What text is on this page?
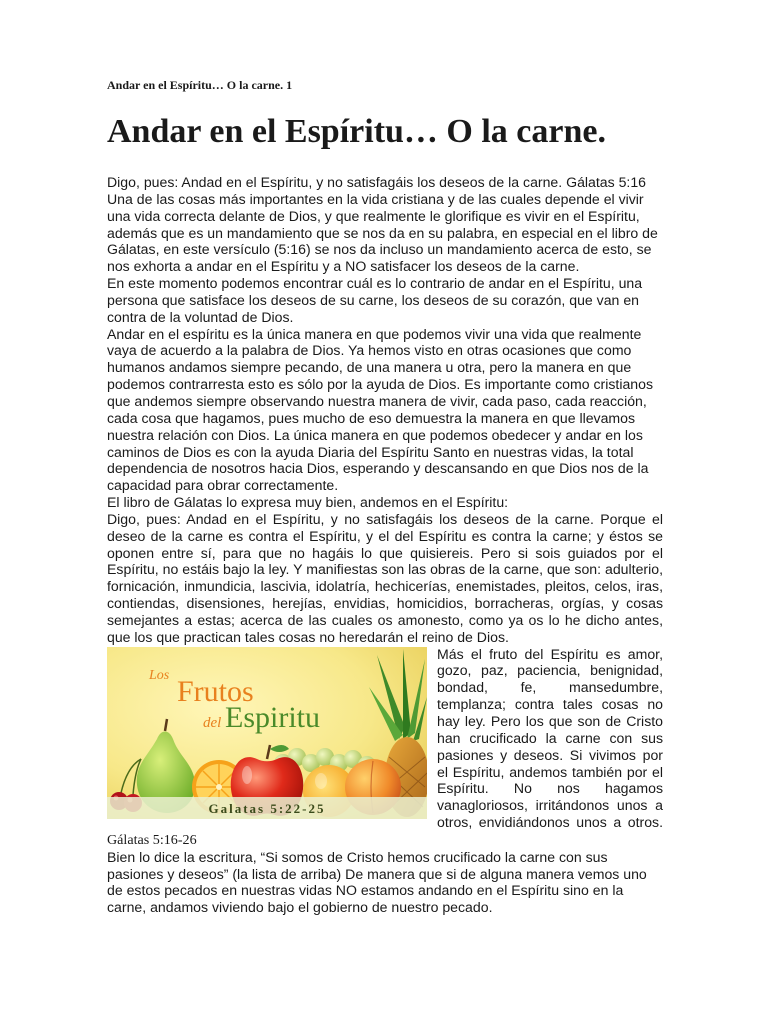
Andar en el Espíritu… O la carne. 1
Andar en el Espíritu… O la carne.

Digo, pues: Andad en el Espíritu, y no satisfagáis los deseos de la carne. Gálatas 5:16

Una de las cosas más importantes en la vida cristiana y de las cuales depende el vivir una vida correcta delante de Dios, y que realmente le glorifique es vivir en el Espíritu, además que es un mandamiento que se nos da en su palabra, en especial en el libro de Gálatas, en este versículo (5:16) se nos da incluso un mandamiento acerca de esto, se nos exhorta a andar en el Espíritu y a NO satisfacer los deseos de la carne.

En este momento podemos encontrar cuál es lo contrario de andar en el Espíritu, una persona que satisface los deseos de su carne, los deseos de su corazón, que van en contra de la voluntad de Dios.

Andar en el espíritu es la única manera en que podemos vivir una vida que realmente vaya de acuerdo a la palabra de Dios. Ya hemos visto en otras ocasiones que como humanos andamos siempre pecando, de una manera u otra, pero la manera en que podemos contrarresta esto es sólo por la ayuda de Dios. Es importante como cristianos que andemos siempre observando nuestra manera de vivir, cada paso, cada reacción, cada cosa que hagamos, pues mucho de eso demuestra la manera en que llevamos nuestra relación con Dios. La única manera en que podemos obedecer y andar en los caminos de Dios es con la ayuda Diaria del Espíritu Santo en nuestras vidas, la total dependencia de nosotros hacia Dios, esperando y descansando en que Dios nos de la capacidad para obrar correctamente.

El libro de Gálatas lo expresa muy bien, andemos en el Espíritu:

Digo, pues: Andad en el Espíritu, y no satisfagáis los deseos de la carne. Porque el deseo de la carne es contra el Espíritu, y el del Espíritu es contra la carne; y éstos se oponen entre sí, para que no hagáis lo que quisiereis. Pero si sois guiados por el Espíritu, no estáis bajo la ley. Y manifiestas son las obras de la carne, que son: adulterio, fornicación, inmundicia, lascivia, idolatría, hechicerías, enemistades, pleitos, celos, iras, contiendas, disensiones, herejías, envidias, homicidios, borracheras, orgías, y cosas semejantes a estas; acerca de las cuales os amonesto, como ya os lo he dicho antes, que los que practican tales cosas no heredarán el reino de Dios.

Los Frutos
del Espiritu
Galatas 5:22-25

Más el fruto del Espíritu es amor, gozo, paz, paciencia, benignidad, bondad, fe, mansedumbre, templanza; contra tales cosas no hay ley. Pero los que son de Cristo han crucificado la carne con sus pasiones y deseos. Si vivimos por el Espíritu, andemos también por el Espíritu. No nos hagamos vanagloriosos, irritándonos unos a otros, envidiándonos unos a otros. Gálatas 5:16-26

Bien lo dice la escritura, “Si somos de Cristo hemos crucificado la carne con sus pasiones y deseos” (la lista de arriba) De manera que si de alguna manera vemos uno de estos pecados en nuestras vidas NO estamos andando en el Espíritu sino en la carne, andamos viviendo bajo el gobierno de nuestro pecado.
